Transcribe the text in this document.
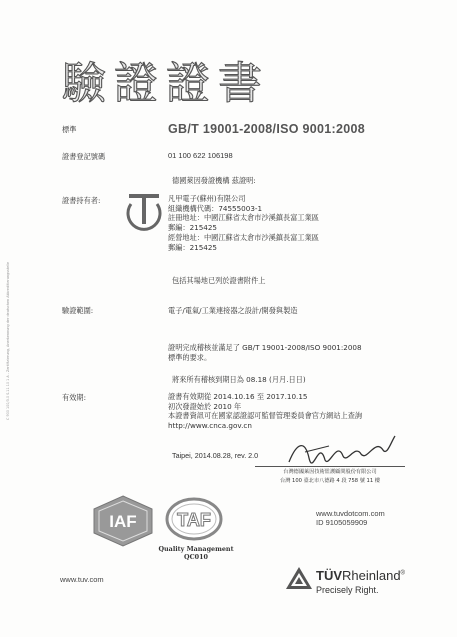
驗證證書
標準	GB/T 19001-2008/ISO 9001:2008
證書登記號碼	01 100 622 106198
德國萊因發證機構 茲證明:
證書持有者:	凡甲電子(蘇州)有限公司
組織機構代碼：74555003-1
註冊地址：中國江蘇省太倉市沙溪鎮長富工業區
郵編：215425
經營地址：中國江蘇省太倉市沙溪鎮長富工業區
郵編：215425
包括其場地已列於證書附件上
驗證範圍:	電子/電氣/工業連接器之設計/開發與製造
證明完成稽核並滿足了 GB/T 19001-2008/ISO 9001:2008
標準的要求。
將來所有稽核到期日為 08.18 (月月.日日)
有效期:	證書有效期從 2014.10.16 至 2017.10.15
初次發證始於 2010 年
本證書資訊可在國家認證認可監督管理委員會官方網站上查詢
http://www.cnca.gov.cn
Taipei, 2014.08.28, rev. 2.0
台灣德國萊因技術監護顧問股份有限公司
台灣 100 臺北市八德路 4 段 758 號 11 樓
IAF TAF
Quality Management
QC010
www.tuvdotcom.com
ID 9105059909
www.tuv.com	TÜVRheinland®
Precisely Right.
C 900 100/3.0 S.11 10 1 A - Zertifizierung, Anerkennung der deutschen Akkreditierungsstelle
